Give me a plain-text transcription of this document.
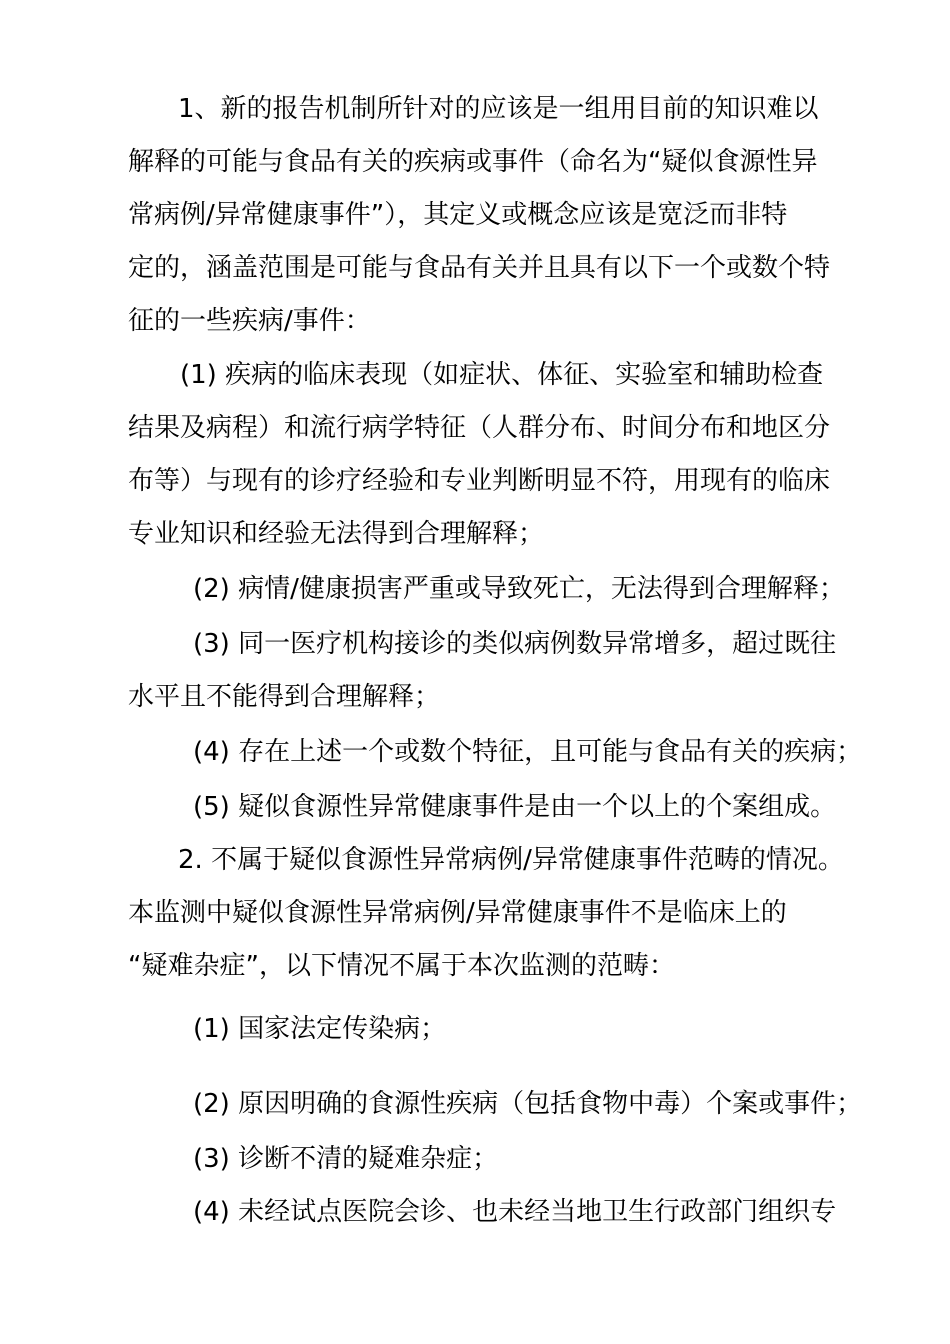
1、新的报告机制所针对的应该是一组用目前的知识难以
解释的可能与食品有关的疾病或事件（命名为“疑似食源性异
常病例/异常健康事件”），其定义或概念应该是宽泛而非特
定的，涵盖范围是可能与食品有关并且具有以下一个或数个特
征的一些疾病/事件：
(1) 疾病的临床表现（如症状、体征、实验室和辅助检查
结果及病程）和流行病学特征（人群分布、时间分布和地区分
布等）与现有的诊疗经验和专业判断明显不符，用现有的临床
专业知识和经验无法得到合理解释；
(2) 病情/健康损害严重或导致死亡，无法得到合理解释；
(3) 同一医疗机构接诊的类似病例数异常增多，超过既往
水平且不能得到合理解释；
(4) 存在上述一个或数个特征，且可能与食品有关的疾病；
(5) 疑似食源性异常健康事件是由一个以上的个案组成。
2. 不属于疑似食源性异常病例/异常健康事件范畴的情况。
本监测中疑似食源性异常病例/异常健康事件不是临床上的
“疑难杂症”，以下情况不属于本次监测的范畴：
(1) 国家法定传染病；
(2) 原因明确的食源性疾病（包括食物中毒）个案或事件；
(3) 诊断不清的疑难杂症；
(4) 未经试点医院会诊、也未经当地卫生行政部门组织专
